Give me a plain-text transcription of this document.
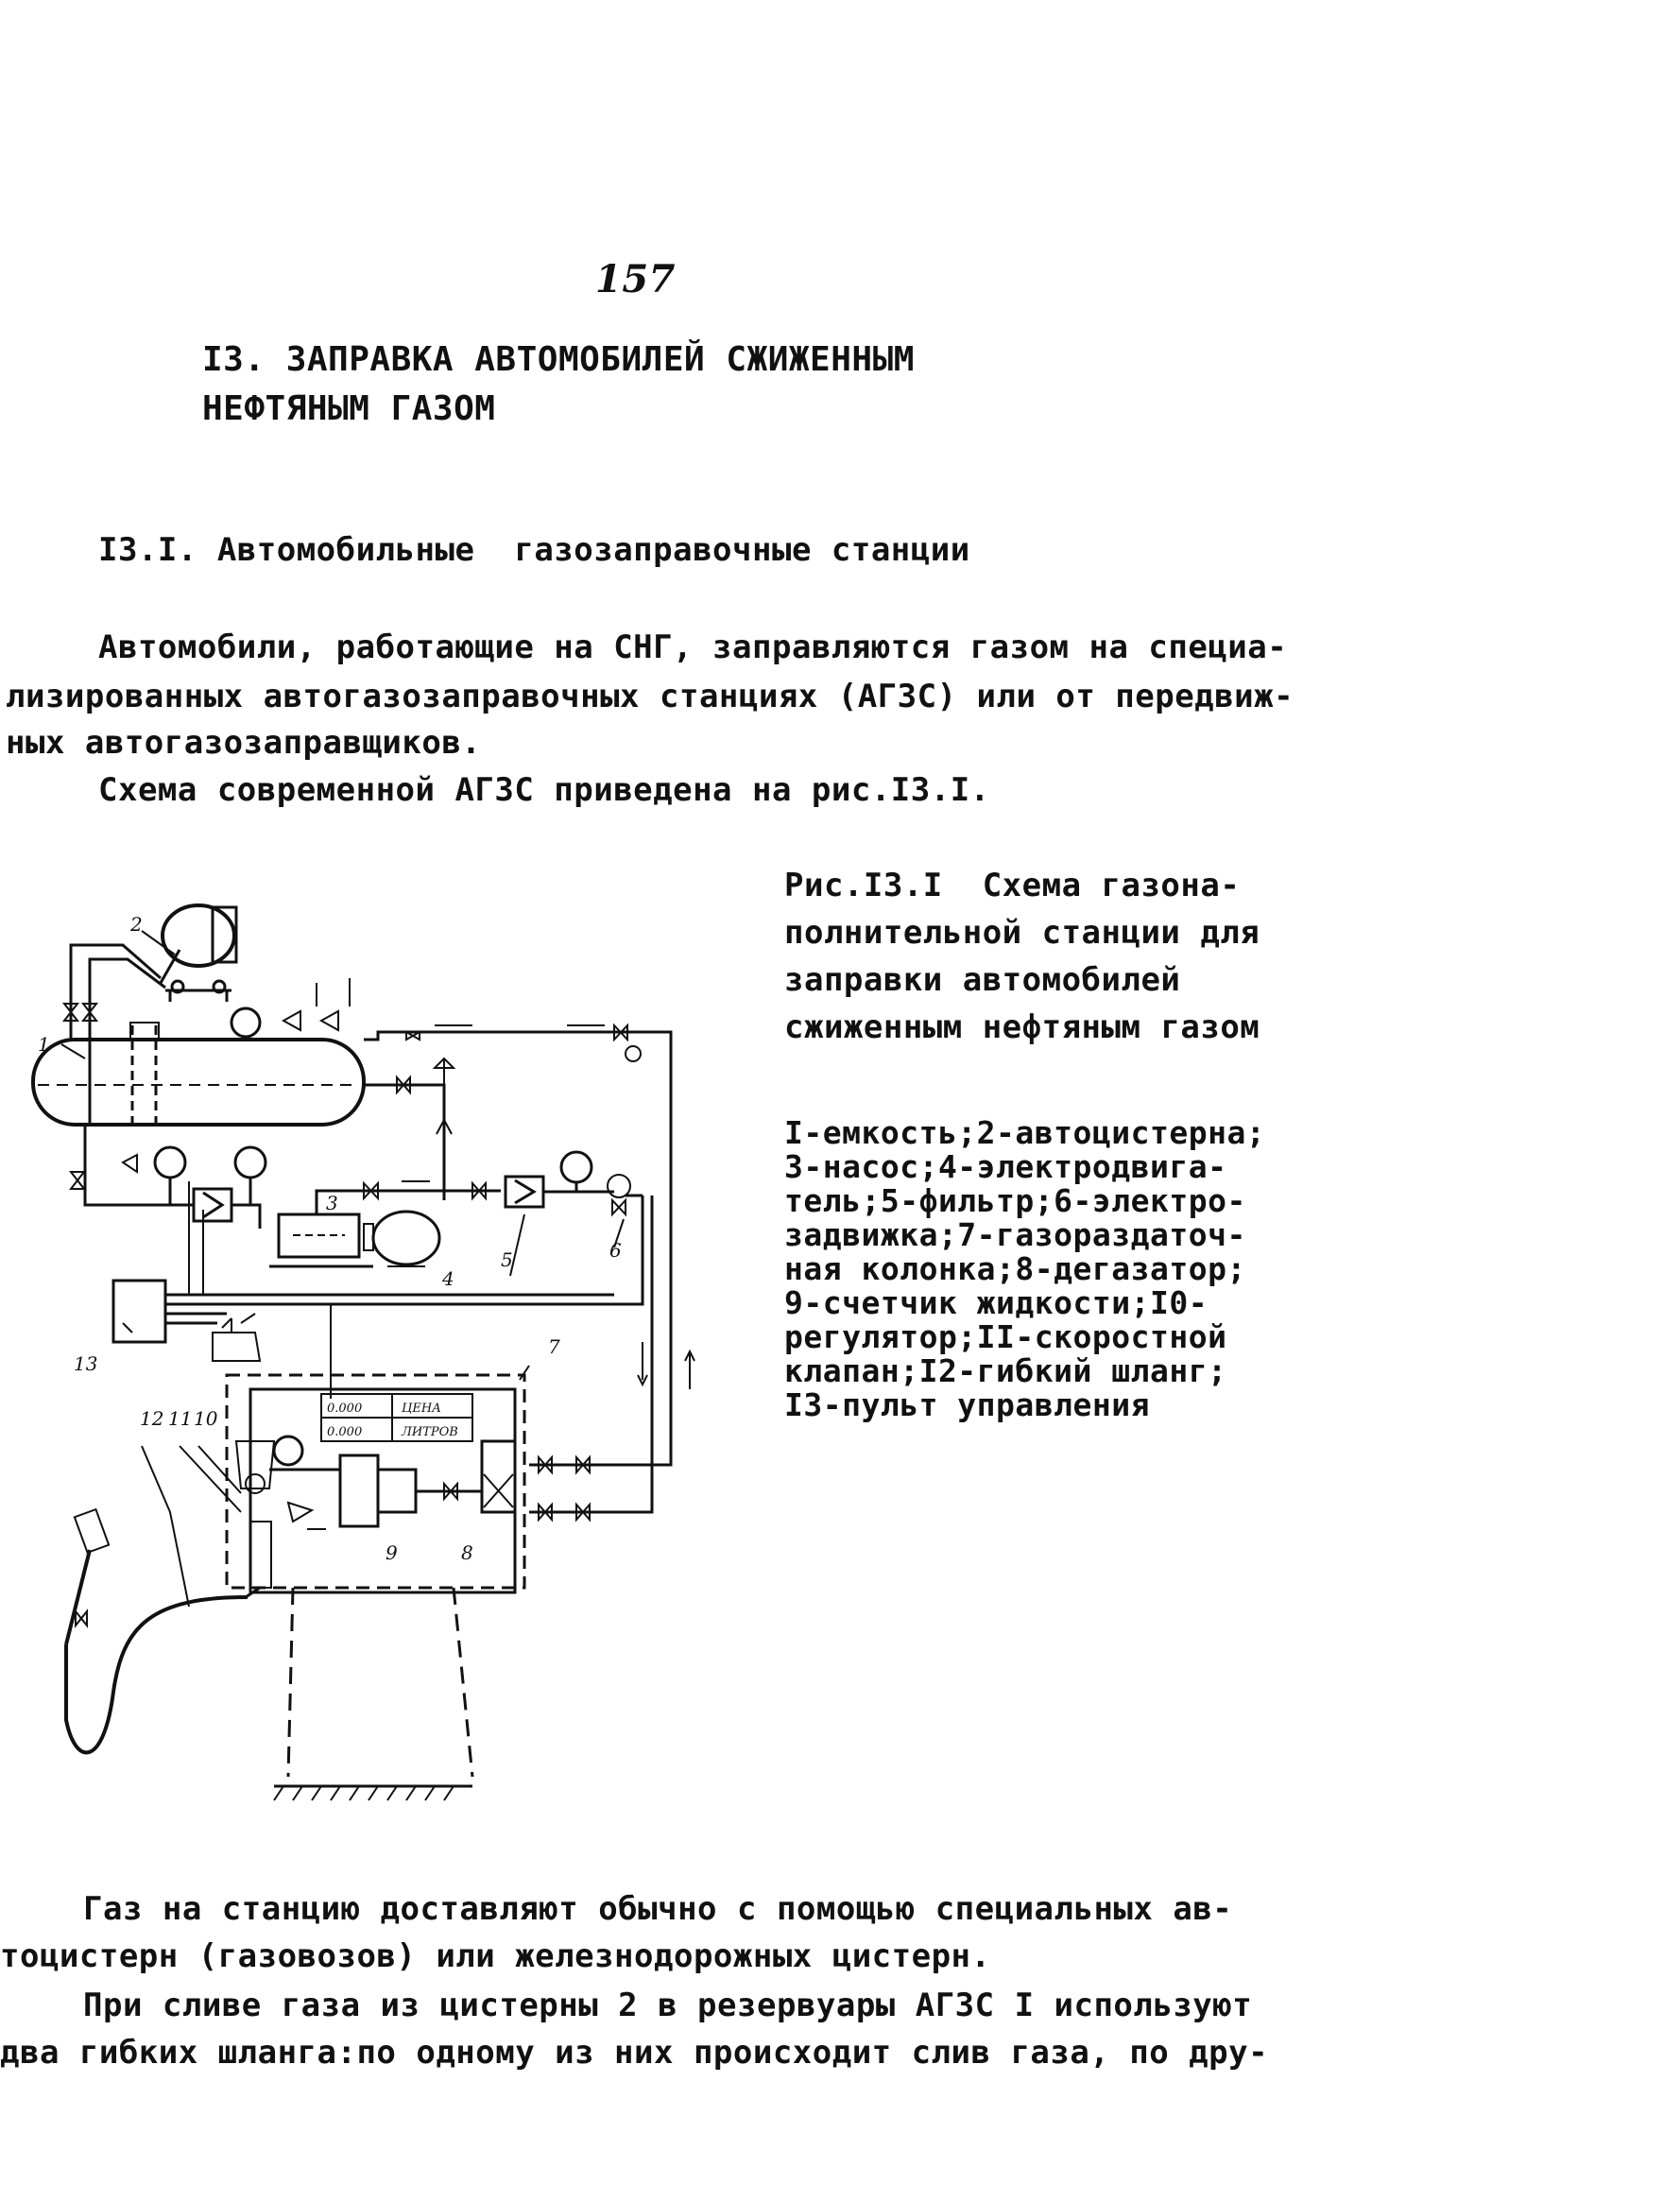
157
I3. ЗАПРАВКА АВТОМОБИЛЕЙ СЖИЖЕННЫМ
НЕФТЯНЫМ ГАЗОМ
I3.I. Автомобильные  газозаправочные станции
Автомобили, работающие на СНГ, заправляются газом на специа-
лизированных автогазозаправочных станциях (АГЗС) или от передвиж-
ных автогазозаправщиков.
Схема современной АГЗС приведена на рис.I3.I.
Рис.I3.I  Схема газона-
полнительной станции для
заправки автомобилей
сжиженным нефтяным газом
I-емкость;2-автоцистерна;
3-насос;4-электродвига-
тель;5-фильтр;6-электро-
задвижка;7-газораздаточ-
ная колонка;8-дегазатор;
9-счетчик жидкости;I0-
регулятор;II-скоростной
клапан;I2-гибкий шланг;
I3-пульт управления
1
2
3
4
5	6
7
8
9
10
11
12
13
0.000	ЦЕНА
0.000	ЛИТРОВ
Газ на станцию доставляют обычно с помощью специальных ав-
тоцистерн (газовозов) или железнодорожных цистерн.
При сливе газа из цистерны 2 в резервуары АГЗС I используют
два гибких шланга:по одному из них происходит слив газа, по дру-
